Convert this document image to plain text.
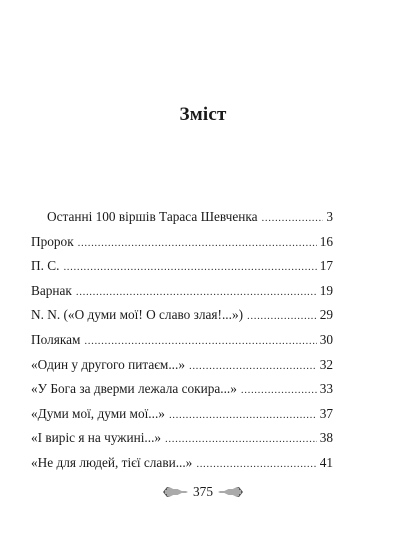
Зміст
Останні 100 віршів Тараса Шевченка .....	3
Пророк .....	16
П. С. .....	17
Варнак .....	19
N. N. («О думи мої! О славо злая!...») .....	29
Полякам .....	30
«Один у другого питаєм...» .....	32
«У Бога за дверми лежала сокира...» .....	33
«Думи мої, думи мої...» .....	37
«І виріс я на чужині...» .....	38
«Не для людей, тієї слави...» .....	41
375
